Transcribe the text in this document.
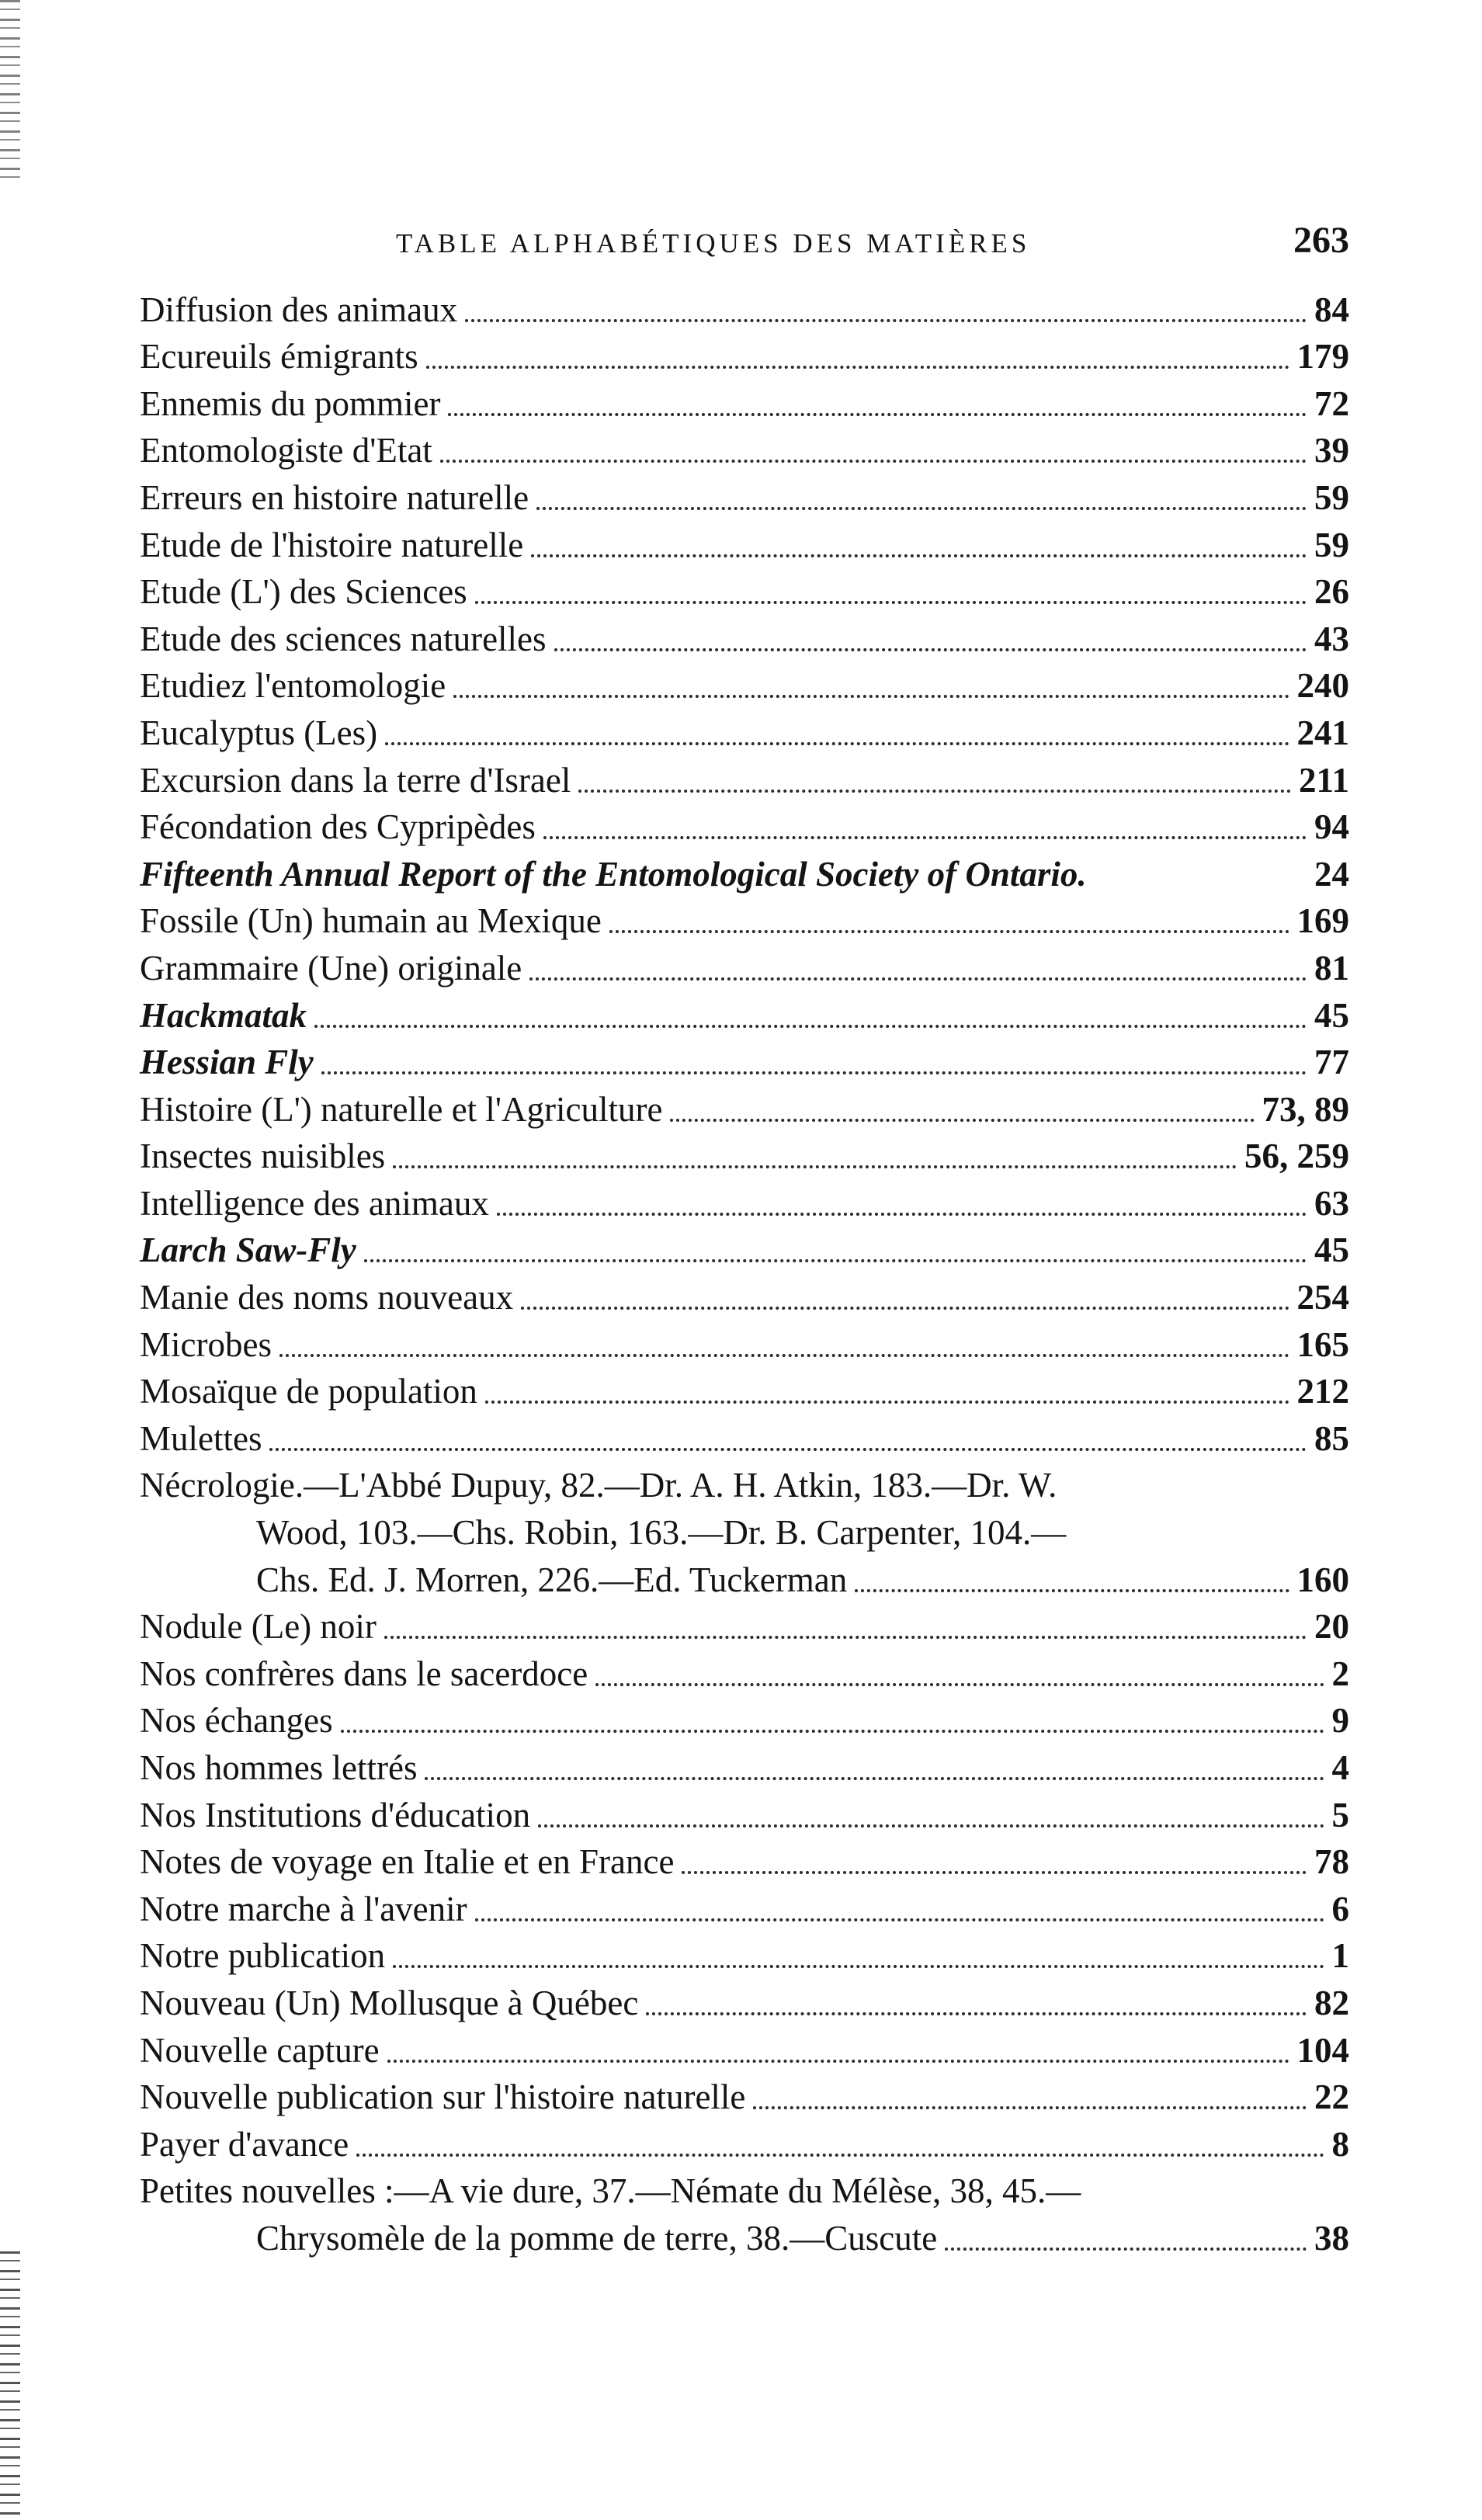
TABLE ALPHABÉTIQUES DES MATIÈRES	263
Diffusion des animaux	84
Ecureuils émigrants	179
Ennemis du pommier	72
Entomologiste d'Etat	39
Erreurs en histoire naturelle	59
Etude de l'histoire naturelle	59
Etude (L') des Sciences	26
Etude des sciences naturelles	43
Etudiez l'entomologie	240
Eucalyptus (Les)	241
Excursion dans la terre d'Israel	211
Fécondation des Cypripèdes	94
Fifteenth Annual Report of the Entomological Society of Ontario.	24
Fossile (Un) humain au Mexique	169
Grammaire (Une) originale	81
Hackmatak	45
Hessian Fly	77
Histoire (L') naturelle et l'Agriculture	73, 89
Insectes nuisibles	56, 259
Intelligence des animaux	63
Larch Saw-Fly	45
Manie des noms nouveaux	254
Microbes	165
Mosaïque de population	212
Mulettes	85
Nécrologie.—L'Abbé Dupuy, 82.—Dr. A. H. Atkin, 183.—Dr. W.
Wood, 103.—Chs. Robin, 163.—Dr. B. Carpenter, 104.—
Chs. Ed. J. Morren, 226.—Ed. Tuckerman	160
Nodule (Le) noir	20
Nos confrères dans le sacerdoce	2
Nos échanges	9
Nos hommes lettrés	4
Nos Institutions d'éducation	5
Notes de voyage en Italie et en France	78
Notre marche à l'avenir	6
Notre publication	1
Nouveau (Un) Mollusque à Québec	82
Nouvelle capture	104
Nouvelle publication sur l'histoire naturelle	22
Payer d'avance	8
Petites nouvelles :—A vie dure, 37.—Némate du Mélèse, 38, 45.—
Chrysomèle de la pomme de terre, 38.—Cuscute	38
